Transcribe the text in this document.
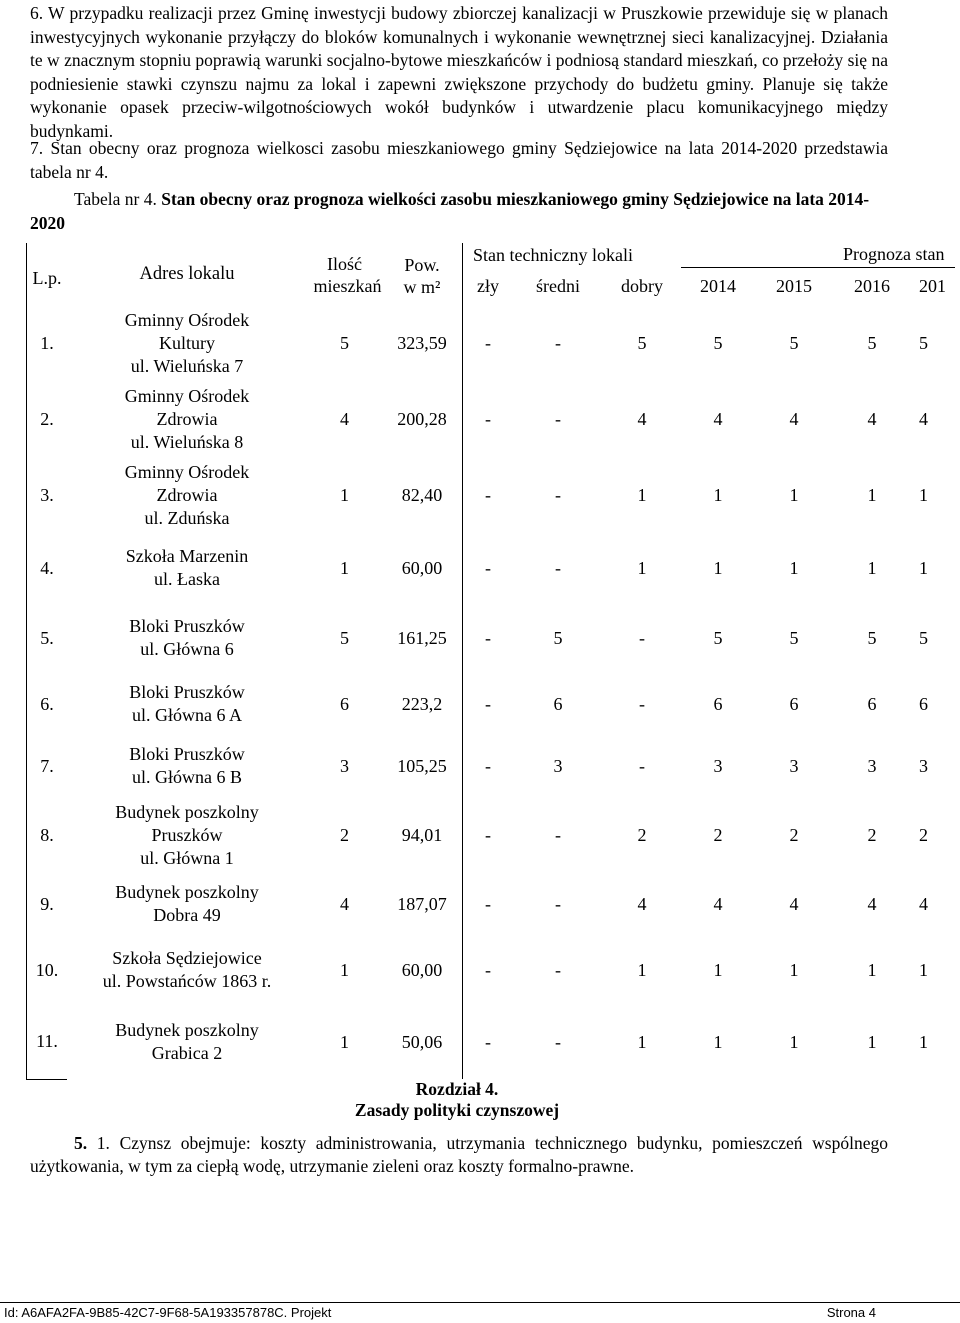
6. W przypadku realizacji przez Gminę inwestycji budowy zbiorczej kanalizacji w Pruszkowie przewiduje się w planach inwestycyjnych wykonanie przyłączy do bloków komunalnych i wykonanie wewnętrznej sieci kanalizacyjnej. Działania te w znacznym stopniu poprawią warunki socjalno-bytowe mieszkańców i podniosą standard mieszkań, co przełoży się na podniesienie stawki czynszu najmu za lokal i zapewni zwiększone przychody do budżetu gminy. Planuje się także wykonanie opasek przeciw-wilgotnościowych wokół budynków i utwardzenie placu komunikacyjnego między budynkami.
7. Stan obecny oraz prognoza wielkosci zasobu mieszkaniowego gminy Sędziejowice na lata 2014-2020 przedstawia tabela nr 4.
Tabela nr 4. Stan obecny oraz prognoza wielkości zasobu mieszkaniowego gminy Sędziejowice na lata 2014-2020
L.p.	Adres lokalu	Ilość mieszkań	Pow. w m²	Stan techniczny lokali			Prognoza stan			
				zły	średni	dobry	2014	2015	2016	201
1.	Gminny Ośrodek
Kultury
ul. Wieluńska 7	5	323,59	-	-	5	5	5	5	5
2.	Gminny Ośrodek
Zdrowia
ul. Wieluńska 8	4	200,28	-	-	4	4	4	4	4
3.	Gminny Ośrodek
Zdrowia
ul. Zduńska	1	82,40	-	-	1	1	1	1	1
4.	Szkoła Marzenin
ul. Łaska	1	60,00	-	-	1	1	1	1	1
5.	Bloki Pruszków
ul. Główna 6	5	161,25	-	5	-	5	5	5	5
6.	Bloki Pruszków
ul. Główna 6 A	6	223,2	-	6	-	6	6	6	6
7.	Bloki Pruszków
ul. Główna 6 B	3	105,25	-	3	-	3	3	3	3
8.	Budynek poszkolny
Pruszków
ul. Główna 1	2	94,01	-	-	2	2	2	2	2
9.	Budynek poszkolny
Dobra 49	4	187,07	-	-	4	4	4	4	4
10.	Szkoła Sędziejowice
ul. Powstańców 1863 r.	1	60,00	-	-	1	1	1	1	1
11.	Budynek poszkolny
Grabica 2	1	50,06	-	-	1	1	1	1	1
Rozdział 4.
Zasady polityki czynszowej
5. 1. Czynsz obejmuje: koszty administrowania, utrzymania technicznego budynku, pomieszczeń wspólnego użytkowania, w tym za ciepłą wodę, utrzymanie zieleni oraz koszty formalno-prawne.
Id: A6AFA2FA-9B85-42C7-9F68-5A193357878C. Projekt	Strona 4
